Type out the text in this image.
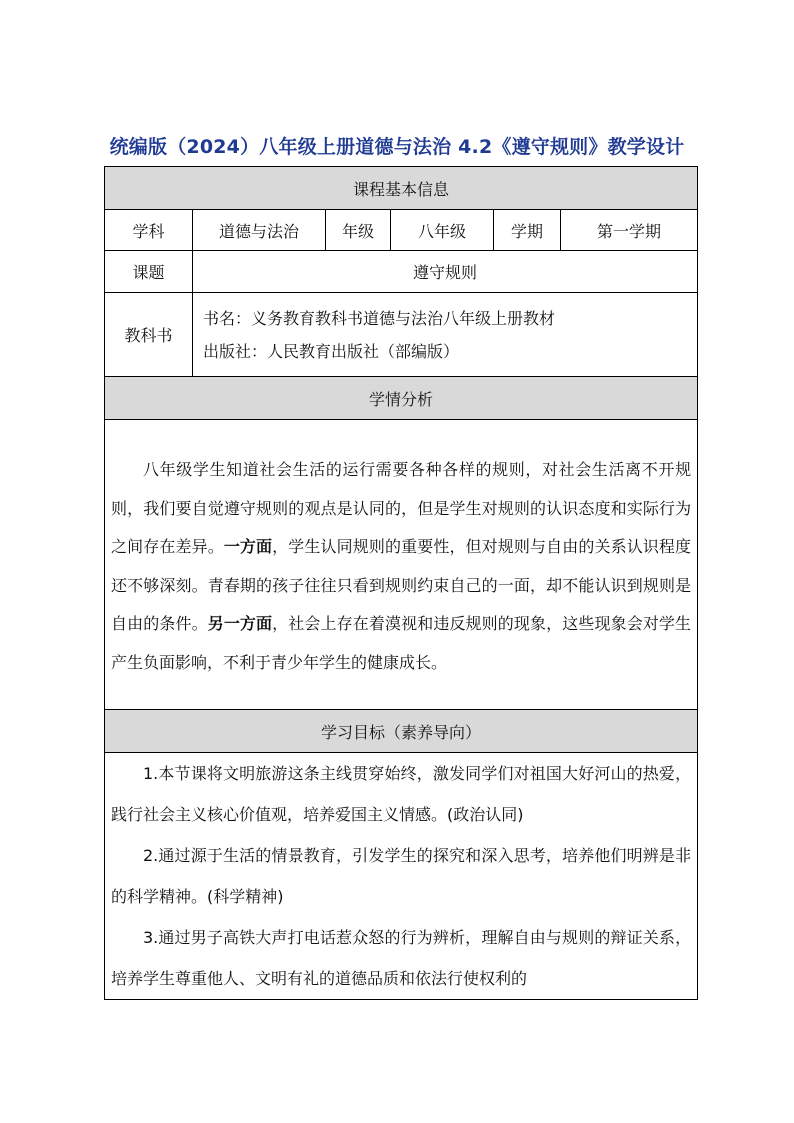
统编版（2024）八年级上册道德与法治 4.2《遵守规则》教学设计
课程基本信息					
学科	道德与法治	年级	八年级	学期	第一学期
课题	遵守规则				
教科书	书名：义务教育教科书道德与法治八年级上册教材
出版社：人民教育出版社（部编版）				

学情分析					

八年级学生知道社会生活的运行需要各种各样的规则，对社会生活离不开规则，我们要自觉遵守规则的观点是认同的，但是学生对规则的认识态度和实际行为之间存在差异。一方面，学生认同规则的重要性，但对规则与自由的关系认识程度还不够深刻。青春期的孩子往往只看到规则约束自己的一面，却不能认识到规则是自由的条件。另一方面，社会上存在着漠视和违反规则的现象，这些现象会对学生产生负面影响，不利于青少年学生的健康成长。					

学习目标（素养导向）					

1.本节课将文明旅游这条主线贯穿始终，激发同学们对祖国大好河山的热爱，践行社会主义核心价值观，培养爱国主义情感。(政治认同)

2.通过源于生活的情景教育，引发学生的探究和深入思考，培养他们明辨是非的科学精神。(科学精神)

3.通过男子高铁大声打电话惹众怒的行为辨析，理解自由与规则的辩证关系，培养学生尊重他人、文明有礼的道德品质和依法行使权利的					
